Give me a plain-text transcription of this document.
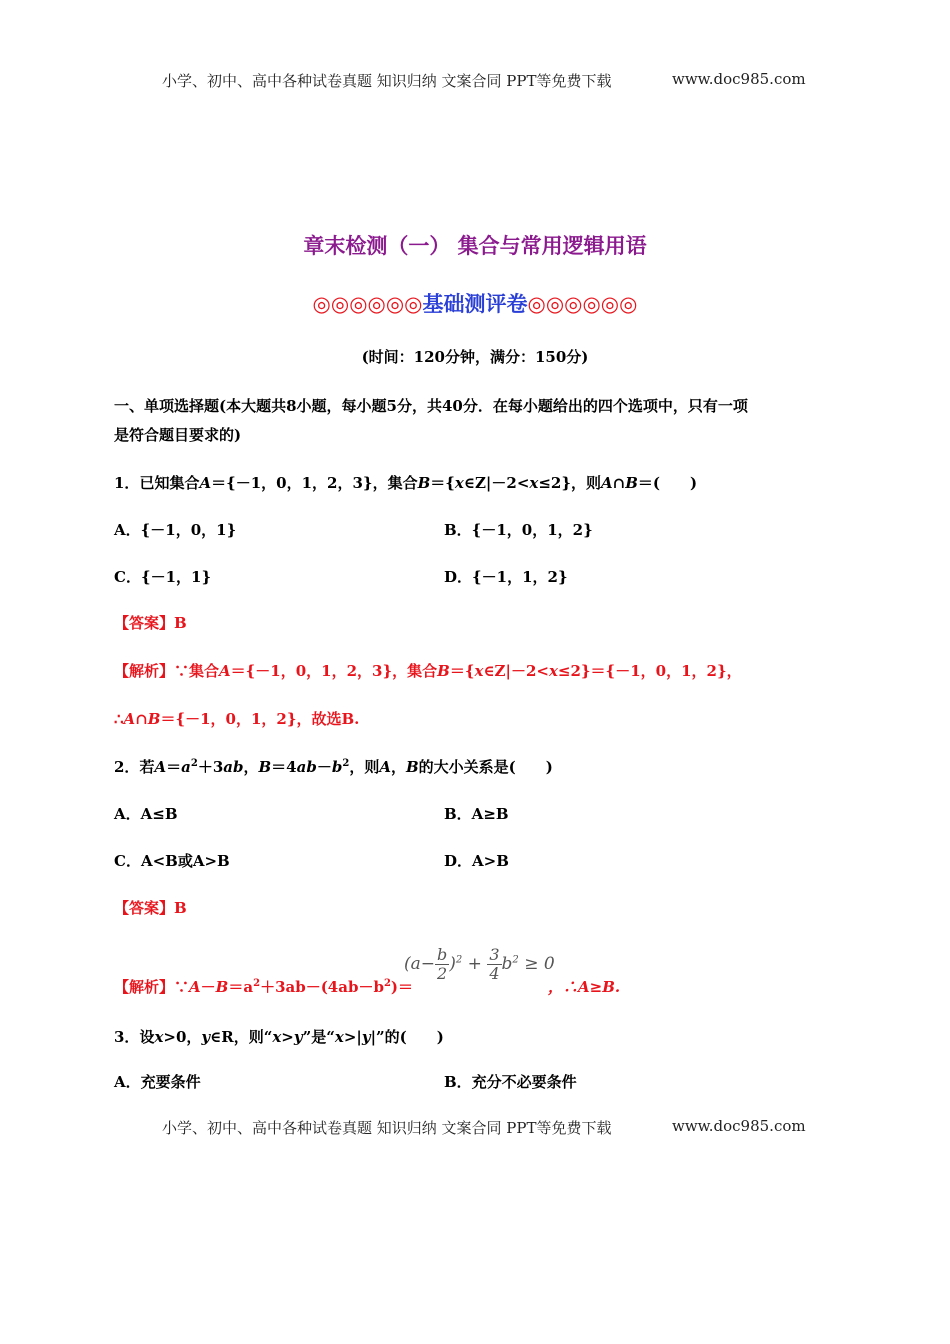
小学、初中、高中各种试卷真题 知识归纳 文案合同 PPT等免费下载	www.doc985.com
章末检测（一） 集合与常用逻辑用语
◎◎◎◎◎◎基础测评卷◎◎◎◎◎◎
(时间：120分钟，满分：150分)
一、单项选择题(本大题共8小题，每小题5分，共40分．在每小题给出的四个选项中，只有一项
是符合题目要求的)
1．已知集合A＝{－1，0，1，2，3}，集合B＝{x∈Z|－2<x≤2}，则A∩B＝(　　)
A．{－1，0，1}	B．{－1，0，1，2}
C．{－1，1}	D．{－1，1，2}
【答案】B
【解析】∵集合A＝{－1，0，1，2，3}，集合B＝{x∈Z|－2<x≤2}＝{－1，0，1，2}，
∴A∩B＝{－1，0，1，2}，故选B.
2．若$A=a^2+3ab$，$B=4ab-b^2$，则A，B的大小关系是(　　)
A．A≤B	B．A≥B
C．A<B或A>B	D．A>B
【答案】B
【解析】$\because A-B=a^2+3ab-(4ab-b^2)=$
$(a- \frac{b}{2} )^2 + \frac{3}{4} b^2 \ge 0$
，∴A≥B.
3．设x>0，y∈R，则“x>y”是“x>|y|”的(　　)
A．充要条件	B．充分不必要条件
小学、初中、高中各种试卷真题 知识归纳 文案合同 PPT等免费下载	www.doc985.com
